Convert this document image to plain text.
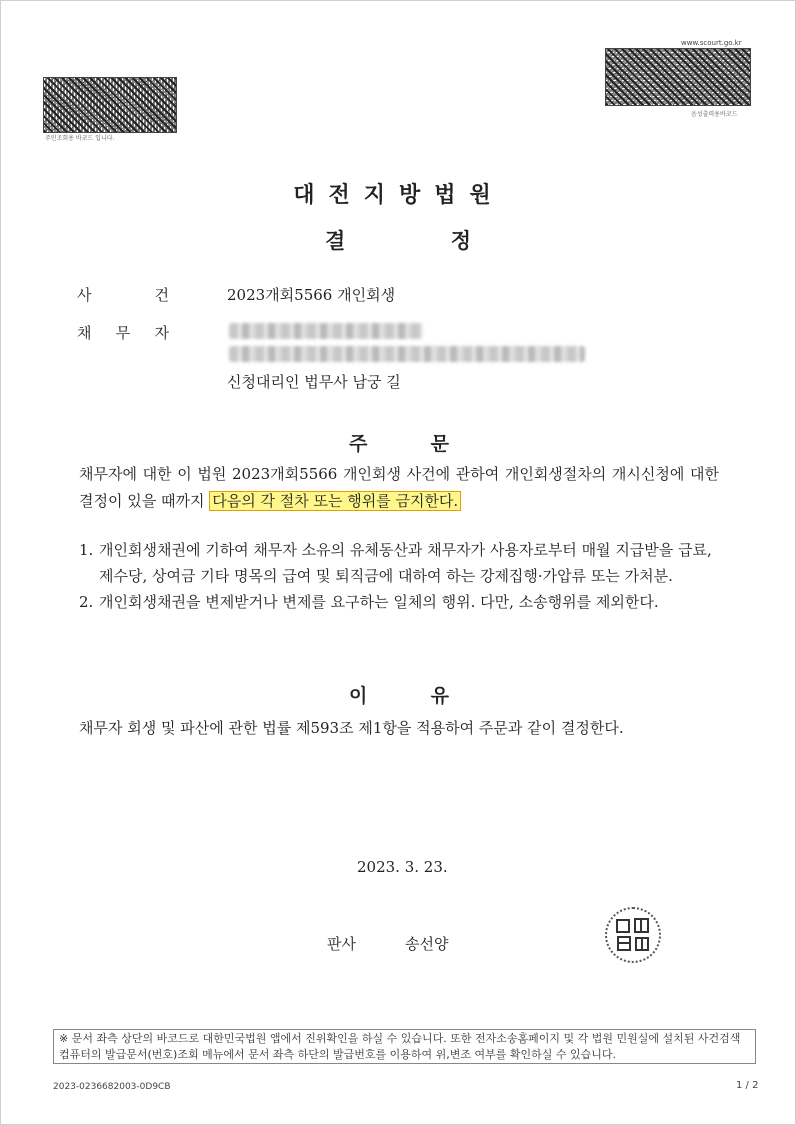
주민조회용 바코드 입니다.
www.scourt.go.kr
음성출력용바코드
대전지방법원
결	정
사	건	2023개회5566 개인회생
채 무 자
신청대리인 법무사 남궁 길
주	문
채무자에 대한 이 법원 2023개회5566 개인회생 사건에 관하여 개인회생절차의 개시신청에 대한 결정이 있을 때까지 다음의 각 절차 또는 행위를 금지한다.
1. 개인회생채권에 기하여 채무자 소유의 유체동산과 채무자가 사용자로부터 매월 지급받을 급료, 제수당, 상여금 기타 명목의 급여 및 퇴직금에 대하여 하는 강제집행·가압류 또는 가처분.
2. 개인회생채권을 변제받거나 변제를 요구하는 일체의 행위. 다만, 소송행위를 제외한다.
이	유
채무자 회생 및 파산에 관한 법률 제593조 제1항을 적용하여 주문과 같이 결정한다.
2023. 3. 23.
판사	송선양
※ 문서 좌측 상단의 바코드로 대한민국법원 앱에서 진위확인을 하실 수 있습니다. 또한 전자소송홈페이지 및 각 법원 민원실에 설치된 사건검색 컴퓨터의 발급문서(번호)조회 메뉴에서 문서 좌측 하단의 발급번호를 이용하여 위,변조 여부를 확인하실 수 있습니다.
2023-0236682003-0D9CB	1 / 2
